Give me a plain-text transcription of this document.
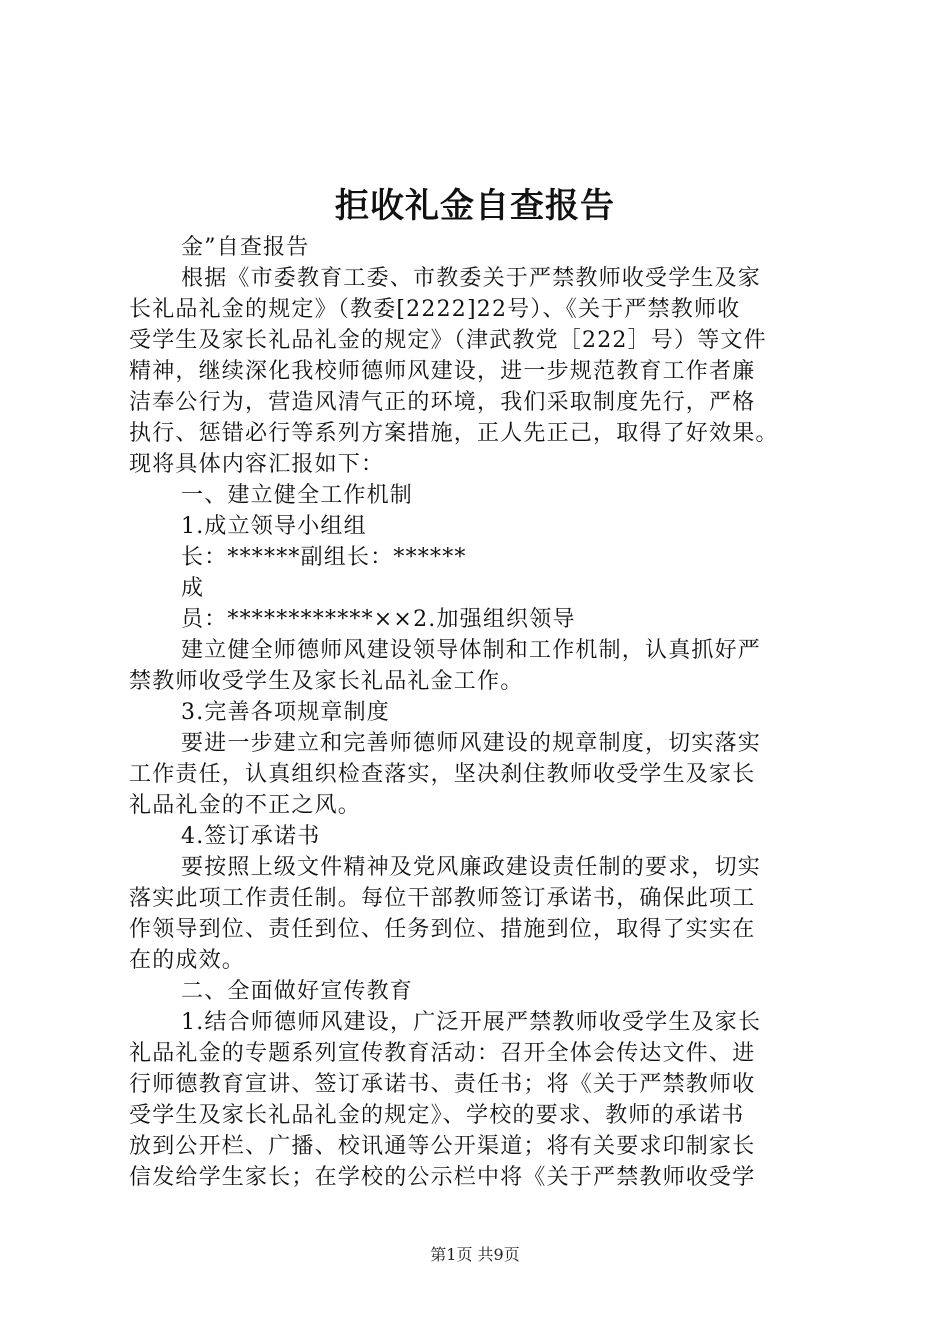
拒收礼金自查报告
金”自查报告
根据《市委教育工委、市教委关于严禁教师收受学生及家
长礼品礼金的规定》（教委[2222]22号）、《关于严禁教师收
受学生及家长礼品礼金的规定》（津武教党［222］号）等文件
精神，继续深化我校师德师风建设，进一步规范教育工作者廉
洁奉公行为，营造风清气正的环境，我们采取制度先行，严格
执行、惩错必行等系列方案措施，正人先正己，取得了好效果。
现将具体内容汇报如下：
一、建立健全工作机制
1.成立领导小组组
长：******副组长：******
成
员：************××2.加强组织领导
建立健全师德师风建设领导体制和工作机制，认真抓好严
禁教师收受学生及家长礼品礼金工作。
3.完善各项规章制度
要进一步建立和完善师德师风建设的规章制度，切实落实
工作责任，认真组织检查落实，坚决刹住教师收受学生及家长
礼品礼金的不正之风。
4.签订承诺书
要按照上级文件精神及党风廉政建设责任制的要求，切实
落实此项工作责任制。每位干部教师签订承诺书，确保此项工
作领导到位、责任到位、任务到位、措施到位，取得了实实在
在的成效。
二、全面做好宣传教育
1.结合师德师风建设，广泛开展严禁教师收受学生及家长
礼品礼金的专题系列宣传教育活动：召开全体会传达文件、进
行师德教育宣讲、签订承诺书、责任书；将《关于严禁教师收
受学生及家长礼品礼金的规定》、学校的要求、教师的承诺书
放到公开栏、广播、校讯通等公开渠道；将有关要求印制家长
信发给学生家长；在学校的公示栏中将《关于严禁教师收受学
第1页 共9页
